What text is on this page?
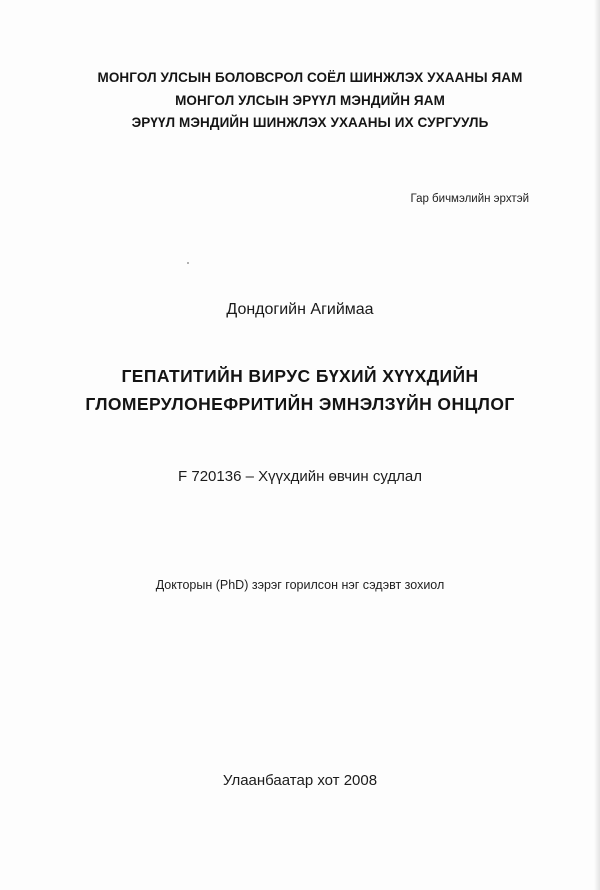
МОНГОЛ УЛСЫН БОЛОВСРОЛ СОЁЛ ШИНЖЛЭХ УХААНЫ ЯАМ
МОНГОЛ УЛСЫН ЭРҮҮЛ МЭНДИЙН ЯАМ
ЭРҮҮЛ МЭНДИЙН ШИНЖЛЭХ УХААНЫ ИХ СУРГУУЛЬ
Гар бичмэлийн эрхтэй
Дондогийн Агиймаа
ГЕПАТИТИЙН ВИРУС БҮХИЙ ХҮҮХДИЙН
ГЛОМЕРУЛОНЕФРИТИЙН ЭМНЭЛЗҮЙН ОНЦЛОГ
F 720136 – Хүүхдийн өвчин судлал
Докторын (PhD) зэрэг горилсон нэг сэдэвт зохиол
Улаанбаатар хот 2008
